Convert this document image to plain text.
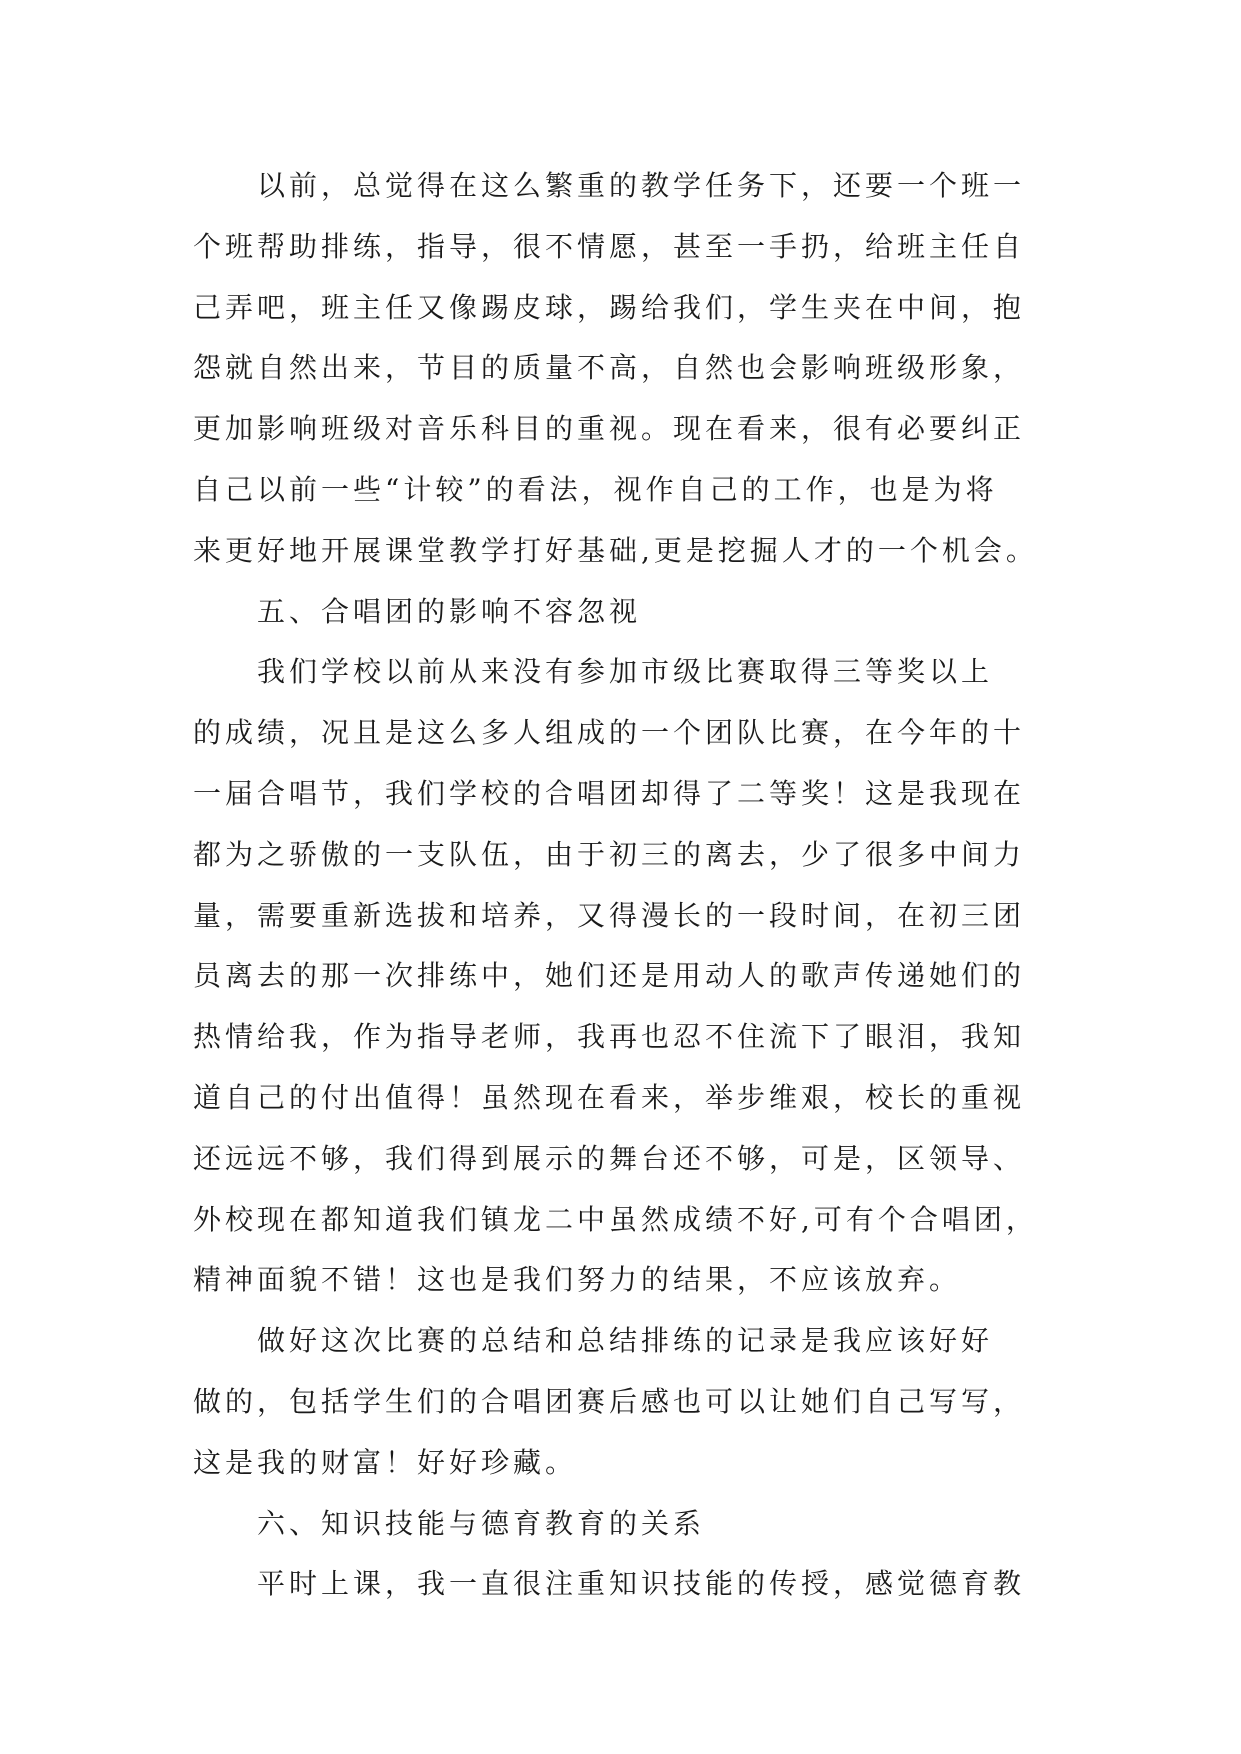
以前，总觉得在这么繁重的教学任务下，还要一个班一
个班帮助排练，指导，很不情愿，甚至一手扔，给班主任自
己弄吧，班主任又像踢皮球，踢给我们，学生夹在中间，抱
怨就自然出来，节目的质量不高，自然也会影响班级形象，
更加影响班级对音乐科目的重视。现在看来，很有必要纠正
自己以前一些“计较”的看法，视作自己的工作，也是为将
来更好地开展课堂教学打好基础,更是挖掘人才的一个机会。
五、合唱团的影响不容忽视
我们学校以前从来没有参加市级比赛取得三等奖以上
的成绩，况且是这么多人组成的一个团队比赛，在今年的十
一届合唱节，我们学校的合唱团却得了二等奖！这是我现在
都为之骄傲的一支队伍，由于初三的离去，少了很多中间力
量，需要重新选拔和培养，又得漫长的一段时间，在初三团
员离去的那一次排练中，她们还是用动人的歌声传递她们的
热情给我，作为指导老师，我再也忍不住流下了眼泪，我知
道自己的付出值得！虽然现在看来，举步维艰，校长的重视
还远远不够，我们得到展示的舞台还不够，可是，区领导、
外校现在都知道我们镇龙二中虽然成绩不好,可有个合唱团，
精神面貌不错！这也是我们努力的结果，不应该放弃。
做好这次比赛的总结和总结排练的记录是我应该好好
做的，包括学生们的合唱团赛后感也可以让她们自己写写，
这是我的财富！好好珍藏。
六、知识技能与德育教育的关系
平时上课，我一直很注重知识技能的传授，感觉德育教
